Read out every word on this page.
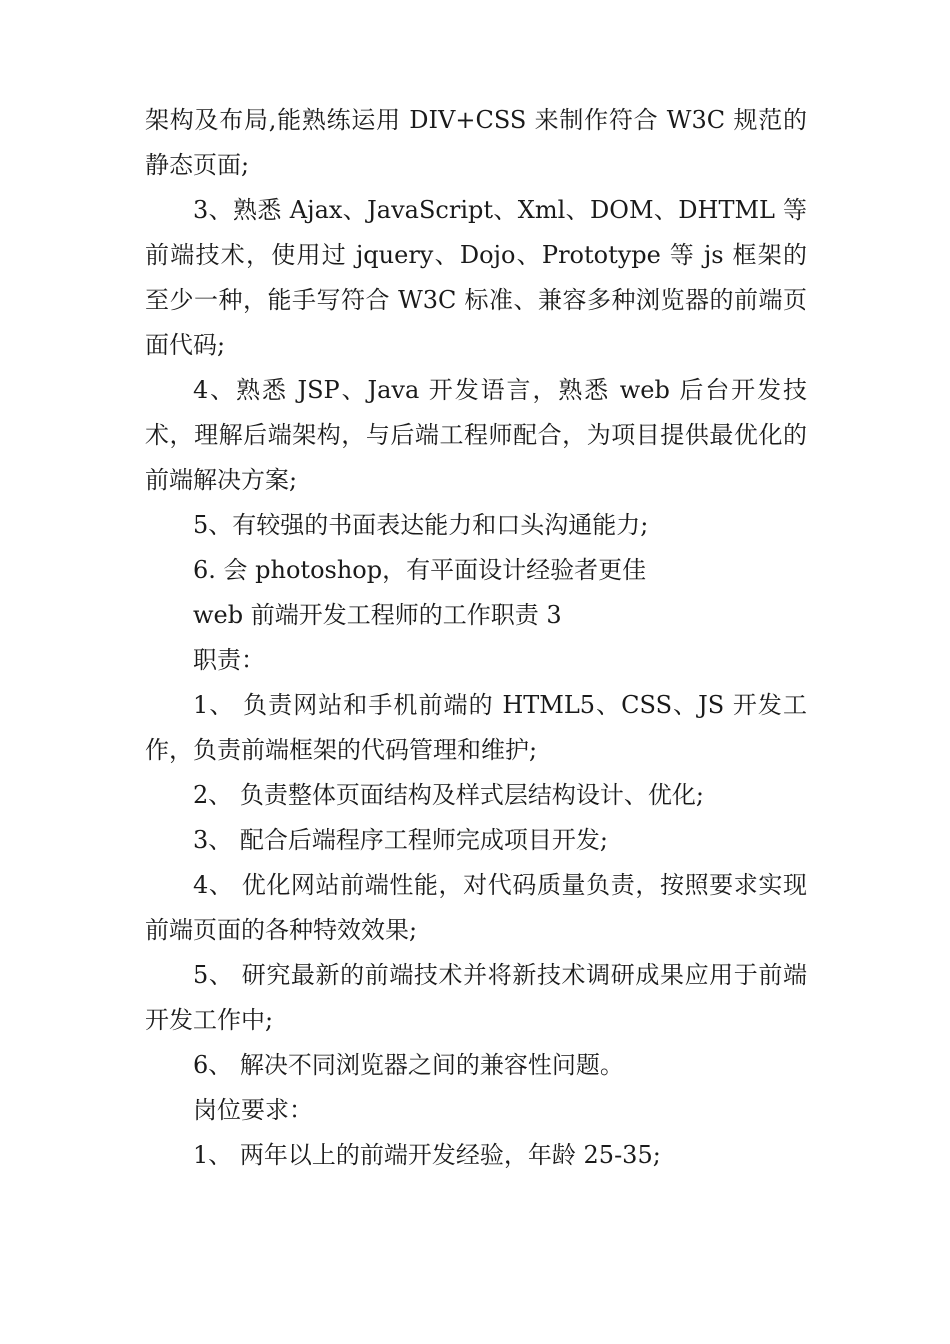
架构及布局,能熟练运用 DIV+CSS 来制作符合 W3C 规范的静态页面;

3、熟悉 Ajax、JavaScript、Xml、DOM、DHTML 等前端技术，使用过 jquery、Dojo、Prototype 等 js 框架的至少一种，能手写符合 W3C 标准、兼容多种浏览器的前端页面代码;

4、熟悉 JSP、Java 开发语言，熟悉 web 后台开发技术，理解后端架构，与后端工程师配合，为项目提供最优化的前端解决方案;

5、有较强的书面表达能力和口头沟通能力;

6. 会 photoshop，有平面设计经验者更佳

web 前端开发工程师的工作职责 3

职责：

1、 负责网站和手机前端的 HTML5、CSS、JS 开发工作，负责前端框架的代码管理和维护;

2、 负责整体页面结构及样式层结构设计、优化;

3、 配合后端程序工程师完成项目开发;

4、 优化网站前端性能，对代码质量负责，按照要求实现前端页面的各种特效效果;

5、 研究最新的前端技术并将新技术调研成果应用于前端开发工作中;

6、 解决不同浏览器之间的兼容性问题。

岗位要求：

1、 两年以上的前端开发经验，年龄 25-35;
